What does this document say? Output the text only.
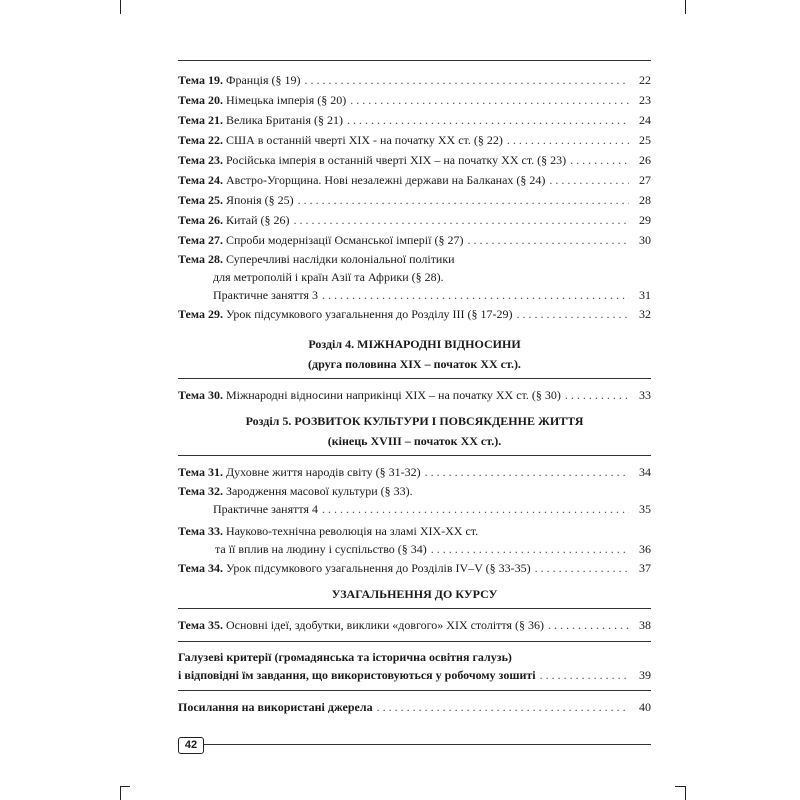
Тема 19. Франція (§ 19) . . .	22
Тема 20. Німецька імперія (§ 20) . . .	23
Тема 21. Велика Британія (§ 21) . . .	24
Тема 22. США в останній чверті XIX - на початку XX ст. (§ 22) . . .	25
Тема 23. Російська імперія в останній чверті XIX – на початку XX ст. (§ 23) . . .	26
Тема 24. Австро-Угорщина. Нові незалежні держави на Балканах (§ 24) . . .	27
Тема 25. Японія (§ 25) . . .	28
Тема 26. Китай (§ 26) . . .	29
Тема 27. Спроби модернізації Османської імперії (§ 27) . . .	30
Тема 28. Суперечливі наслідки колоніальної політики
для метрополій і країн Азії та Африки (§ 28).
Практичне заняття 3 . . .	31
Тема 29. Урок підсумкового узагальнення до Розділу III (§ 17-29) . . .	32
Розділ 4. МІЖНАРОДНІ ВІДНОСИНИ
(друга половина XIX – початок XX ст.).
Тема 30. Міжнародні відносини наприкінці XIX – на початку XX ст. (§ 30) . . .	33
Розділ 5. РОЗВИТОК КУЛЬТУРИ І ПОВСЯКДЕННЕ ЖИТТЯ
(кінець XVIII – початок XX ст.).
Тема 31. Духовне життя народів світу (§ 31-32) . . .	34
Тема 32. Зародження масової культури (§ 33).
Практичне заняття 4 . . .	35
Тема 33. Науково-технічна революція на зламі XIX-XX ст.
та її вплив на людину і суспільство (§ 34) . . .	36
Тема 34. Урок підсумкового узагальнення до Розділів IV–V (§ 33-35) . . .	37
УЗАГАЛЬНЕННЯ ДО КУРСУ
Тема 35. Основні ідеї, здобутки, виклики «довгого» XIX століття (§ 36) . . .	38
Галузеві критерії (громадянська та історична освітня галузь)
і відповідні їм завдання, що використовуються у робочому зошиті . . .	39
Посилання на використані джерела . . .	40
42
